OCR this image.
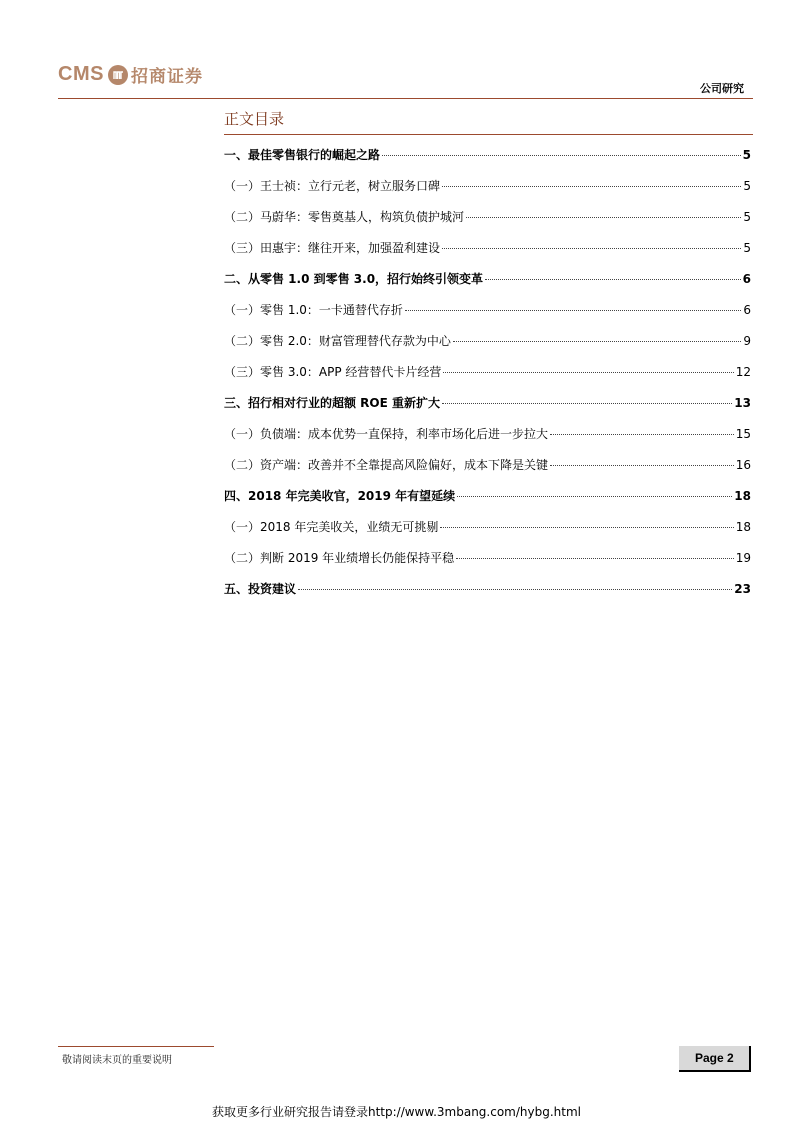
CMS 招商证券
公司研究
正文目录
一、最佳零售银行的崛起之路	5
（一）王士祯：立行元老，树立服务口碑	5
（二）马蔚华：零售奠基人，构筑负债护城河	5
（三）田惠宇：继往开来，加强盈利建设	5
二、从零售 1.0 到零售 3.0，招行始终引领变革	6
（一）零售 1.0：一卡通替代存折	6
（二）零售 2.0：财富管理替代存款为中心	9
（三）零售 3.0：APP 经营替代卡片经营	12
三、招行相对行业的超额 ROE 重新扩大	13
（一）负债端：成本优势一直保持，利率市场化后进一步拉大	15
（二）资产端：改善并不全靠提高风险偏好，成本下降是关键	16
四、2018 年完美收官，2019 年有望延续	18
（一）2018 年完美收关，业绩无可挑剔	18
（二）判断 2019 年业绩增长仍能保持平稳	19
五、投资建议	23
敬请阅读末页的重要说明	Page 2
获取更多行业研究报告请登录http://www.3mbang.com/hybg.html
